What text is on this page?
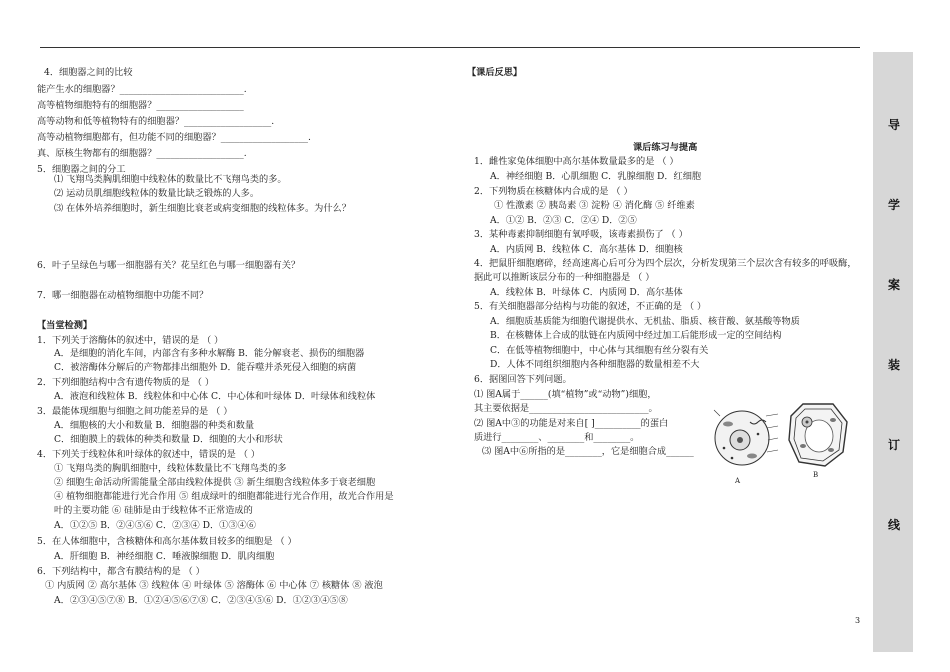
4．细胞器之间的比较
能产生水的细胞器？___________________________.
高等植物细胞特有的细胞器？___________________
高等动物和低等植物特有的细胞器？___________________.
高等动植物细胞都有，但功能不同的细胞器？___________________.
真、原核生物都有的细胞器？___________________.
5．细胞器之间的分工
⑴ 飞翔鸟类胸肌细胞中线粒体的数量比不飞翔鸟类的多。
⑵ 运动员肌细胞线粒体的数量比缺乏锻炼的人多。
⑶ 在体外培养细胞时，新生细胞比衰老或病变细胞的线粒体多。为什么？
6．叶子呈绿色与哪一细胞器有关？花呈红色与哪一细胞器有关？
7．哪一细胞器在动植物细胞中功能不同？
【当堂检测】
1．下列关于溶酶体的叙述中，错误的是 （ ）
A．是细胞的消化车间，内部含有多种水解酶 B．能分解衰老、损伤的细胞器
C．被溶酶体分解后的产物都排出细胞外 D．能吞噬并杀死侵入细胞的病菌
2．下列细胞结构中含有遗传物质的是 （ ）
A．液泡和线粒体 B．线粒体和中心体 C．中心体和叶绿体 D．叶绿体和线粒体
3．最能体现细胞与细胞之间功能差异的是 （ ）
A．细胞核的大小和数量 B．细胞器的种类和数量
C．细胞膜上的载体的种类和数量 D．细胞的大小和形状
4．下列关于线粒体和叶绿体的叙述中，错误的是 （ ）
① 飞翔鸟类的胸肌细胞中，线粒体数量比不飞翔鸟类的多
② 细胞生命活动所需能量全部由线粒体提供 ③ 新生细胞含线粒体多于衰老细胞
④ 植物细胞都能进行光合作用 ⑤ 组成绿叶的细胞都能进行光合作用，故光合作用是
叶的主要功能 ⑥ 硅肺是由于线粒体不正常造成的
A．①②⑤ B．②④⑤⑥ C．②③④ D．①③④⑥
5．在人体细胞中，含核糖体和高尔基体数目较多的细胞是 （ ）
A．肝细胞 B．神经细胞 C．唾液腺细胞 D．肌肉细胞
6．下列结构中，都含有膜结构的是 （ ）
① 内质网 ② 高尔基体 ③ 线粒体 ④ 叶绿体 ⑤ 溶酶体 ⑥ 中心体 ⑦ 核糖体 ⑧ 液泡
A．②③④⑤⑦⑧ B．①②④⑤⑥⑦⑧ C．②③④⑤⑥ D．①②③④⑤⑧
【课后反思】
课后练习与提高
1．雌性家兔体细胞中高尔基体数量最多的是 （ ）
A．神经细胞 B．心肌细胞 C．乳腺细胞 D．红细胞
2．下列物质在核糖体内合成的是 （ ）
① 性激素 ② 胰岛素 ③ 淀粉 ④ 消化酶 ⑤ 纤维素
A．①② B．②③ C．②④ D．②⑤
3．某种毒素抑制细胞有氧呼吸，该毒素损伤了 （ ）
A．内质网 B．线粒体 C．高尔基体 D．细胞核
4．把鼠肝细胞磨碎，经高速离心后可分为四个层次，分析发现第三个层次含有较多的呼吸酶，
据此可以推断该层分布的一种细胞器是 （ ）
A．线粒体 B．叶绿体 C．内质网 D．高尔基体
5．有关细胞器部分结构与功能的叙述，不正确的是 （ ）
A．细胞质基质能为细胞代谢提供水、无机盐、脂质、核苷酸、氨基酸等物质
B．在核糖体上合成的肽链在内质网中经过加工后能形成一定的空间结构
C．在低等植物细胞中，中心体与其细胞有丝分裂有关
D．人体不同组织细胞内各种细胞器的数量相差不大
6．据图回答下列问题。
⑴ 图A属于______(填“植物”或“动物”)细胞，
其主要依据是__________________________。
⑵ 图A中③的功能是对来自[ ]__________的蛋白
质进行________、________和________。
⑶ 图A中⑥所指的是________，它是细胞合成______
A
B
导
学
案
装
订
线
3
